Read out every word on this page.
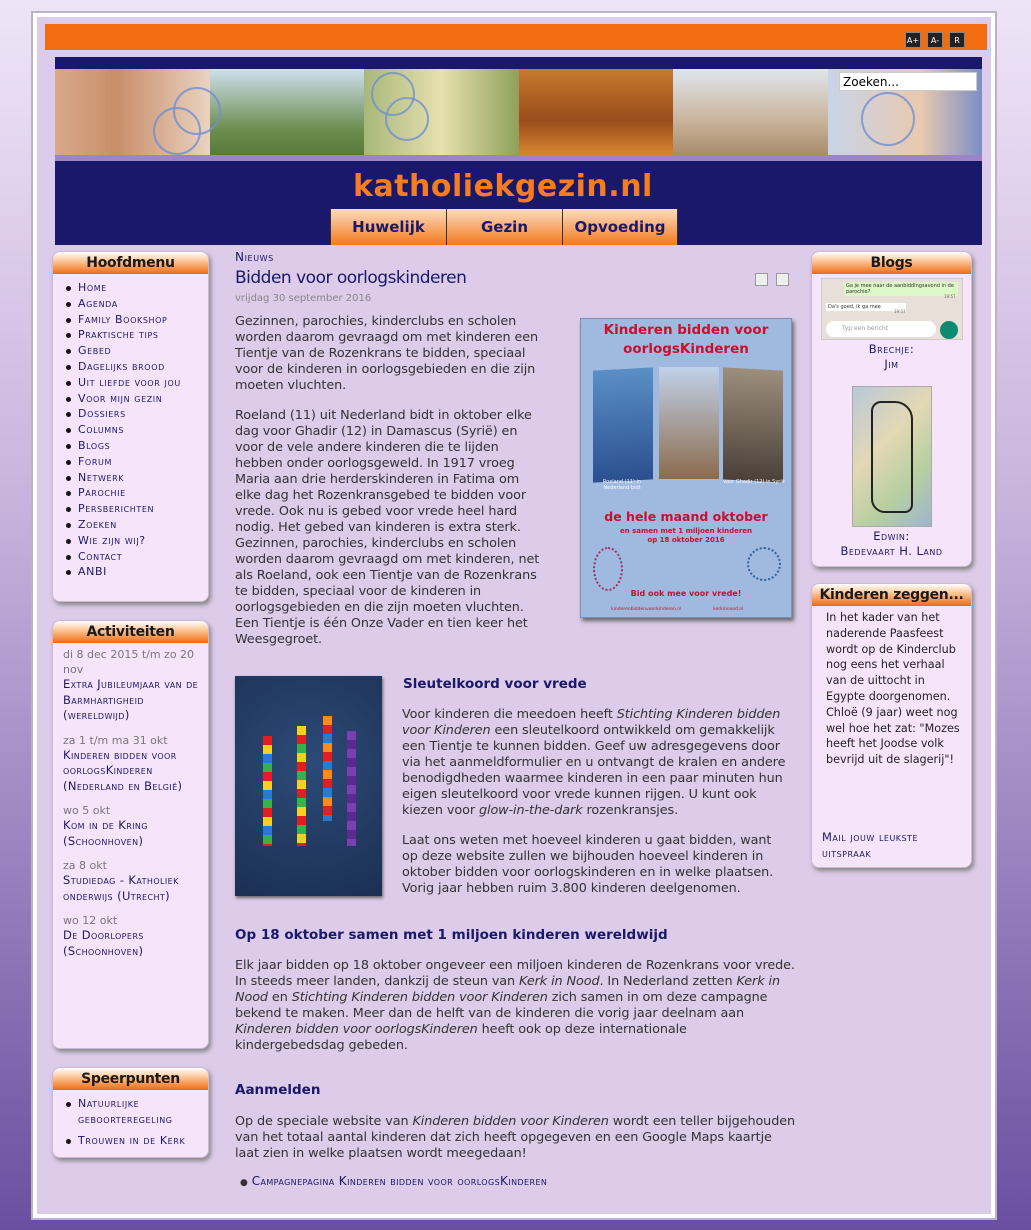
A+	A-	R
katholiekgezin.nl
Huwelijk	Gezin	Opvoeding
Zoeken...
Hoofdmenu
Home
Agenda
Family Bookshop
Praktische tips
Gebed
Dagelijks brood
Uit liefde voor jou
Voor mijn gezin
Dossiers
Columns
Blogs
Forum
Netwerk
Parochie
Persberichten
Zoeken
Wie zijn wij?
Contact
ANBI
Activiteiten
di 8 dec 2015 t/m zo 20 nov
Extra Jubileumjaar van de Barmhartigheid (wereldwijd)
za 1 t/m ma 31 okt
Kinderen bidden voor oorlogsKinderen (Nederland en België)
wo 5 okt
Kom in de Kring (Schoonhoven)
za 8 okt
Studiedag - Katholiek onderwijs (Utrecht)
wo 12 okt
De Doorlopers (Schoonhoven)
Speerpunten
Natuurlijke geboorteregeling
Trouwen in de Kerk
Nieuws
Bidden voor oorlogskinderen
vrijdag 30 september 2016
Gezinnen, parochies, kinderclubs en scholen worden daarom gevraagd om met kinderen een Tientje van de Rozenkrans te bidden, speciaal voor de kinderen in oorlogsgebieden en die zijn moeten vluchten.
Roeland (11) uit Nederland bidt in oktober elke dag voor Ghadir (12) in Damascus (Syrië) en voor de vele andere kinderen die te lijden hebben onder oorlogsgeweld. In 1917 vroeg Maria aan drie herderskinderen in Fatima om elke dag het Rozenkransgebed te bidden voor vrede. Ook nu is gebed voor vrede heel hard nodig. Het gebed van kinderen is extra sterk. Gezinnen, parochies, kinderclubs en scholen worden daarom gevraagd om met kinderen, net als Roeland, ook een Tientje van de Rozenkrans te bidden, speciaal voor de kinderen in oorlogsgebieden en die zijn moeten vluchten. Een Tientje is één Onze Vader en tien keer het Weesgegroet.
Kinderen bidden voor
oorlogsKinderen
Roeland (11) in Nederland bidt
voor Ghadir (12) in Syrië
de hele maand oktober
en samen met 1 miljoen kinderen
op 18 oktober 2016
Bid ook mee voor vrede!
kinderenbiddenvoorkinderen.nl	kerkinnood.nl
Sleutelkoord voor vrede
Voor kinderen die meedoen heeft Stichting Kinderen bidden voor Kinderen een sleutelkoord ontwikkeld om gemakkelijk een Tientje te kunnen bidden. Geef uw adresgegevens door via het aanmeldformulier en u ontvangt de kralen en andere benodigdheden waarmee kinderen in een paar minuten hun eigen sleutelkoord voor vrede kunnen rijgen. U kunt ook kiezen voor glow-in-the-dark rozenkransjes.
Laat ons weten met hoeveel kinderen u gaat bidden, want op deze website zullen we bijhouden hoeveel kinderen in oktober bidden voor oorlogskinderen en in welke plaatsen. Vorig jaar hebben ruim 3.800 kinderen deelgenomen.
Op 18 oktober samen met 1 miljoen kinderen wereldwijd
Elk jaar bidden op 18 oktober ongeveer een miljoen kinderen de Rozenkrans voor vrede. In steeds meer landen, dankzij de steun van Kerk in Nood. In Nederland zetten Kerk in Nood en Stichting Kinderen bidden voor Kinderen zich samen in om deze campagne bekend te maken. Meer dan de helft van de kinderen die vorig jaar deelnam aan Kinderen bidden voor oorlogsKinderen heeft ook op deze internationale kindergebedsdag gebeden.
Aanmelden
Op de speciale website van Kinderen bidden voor Kinderen wordt een teller bijgehouden van het totaal aantal kinderen dat zich heeft opgegeven en een Google Maps kaartje laat zien in welke plaatsen wordt meegedaan!
● Campagnepagina Kinderen bidden voor oorlogsKinderen
Blogs
Ga je mee naar de aanbiddingsavond in de parochie?
19:57
Da's goed, ik ga mee
19:57
Typ een bericht
Brechje:
Jim
Edwin:
Bedevaart H. Land
Kinderen zeggen...
In het kader van het naderende Paasfeest wordt op de Kinderclub nog eens het verhaal van de uittocht in Egypte doorgenomen. Chloë (9 jaar) weet nog wel hoe het zat: "Mozes heeft het Joodse volk bevrijd uit de slagerij"!
Mail jouw leukste uitspraak
